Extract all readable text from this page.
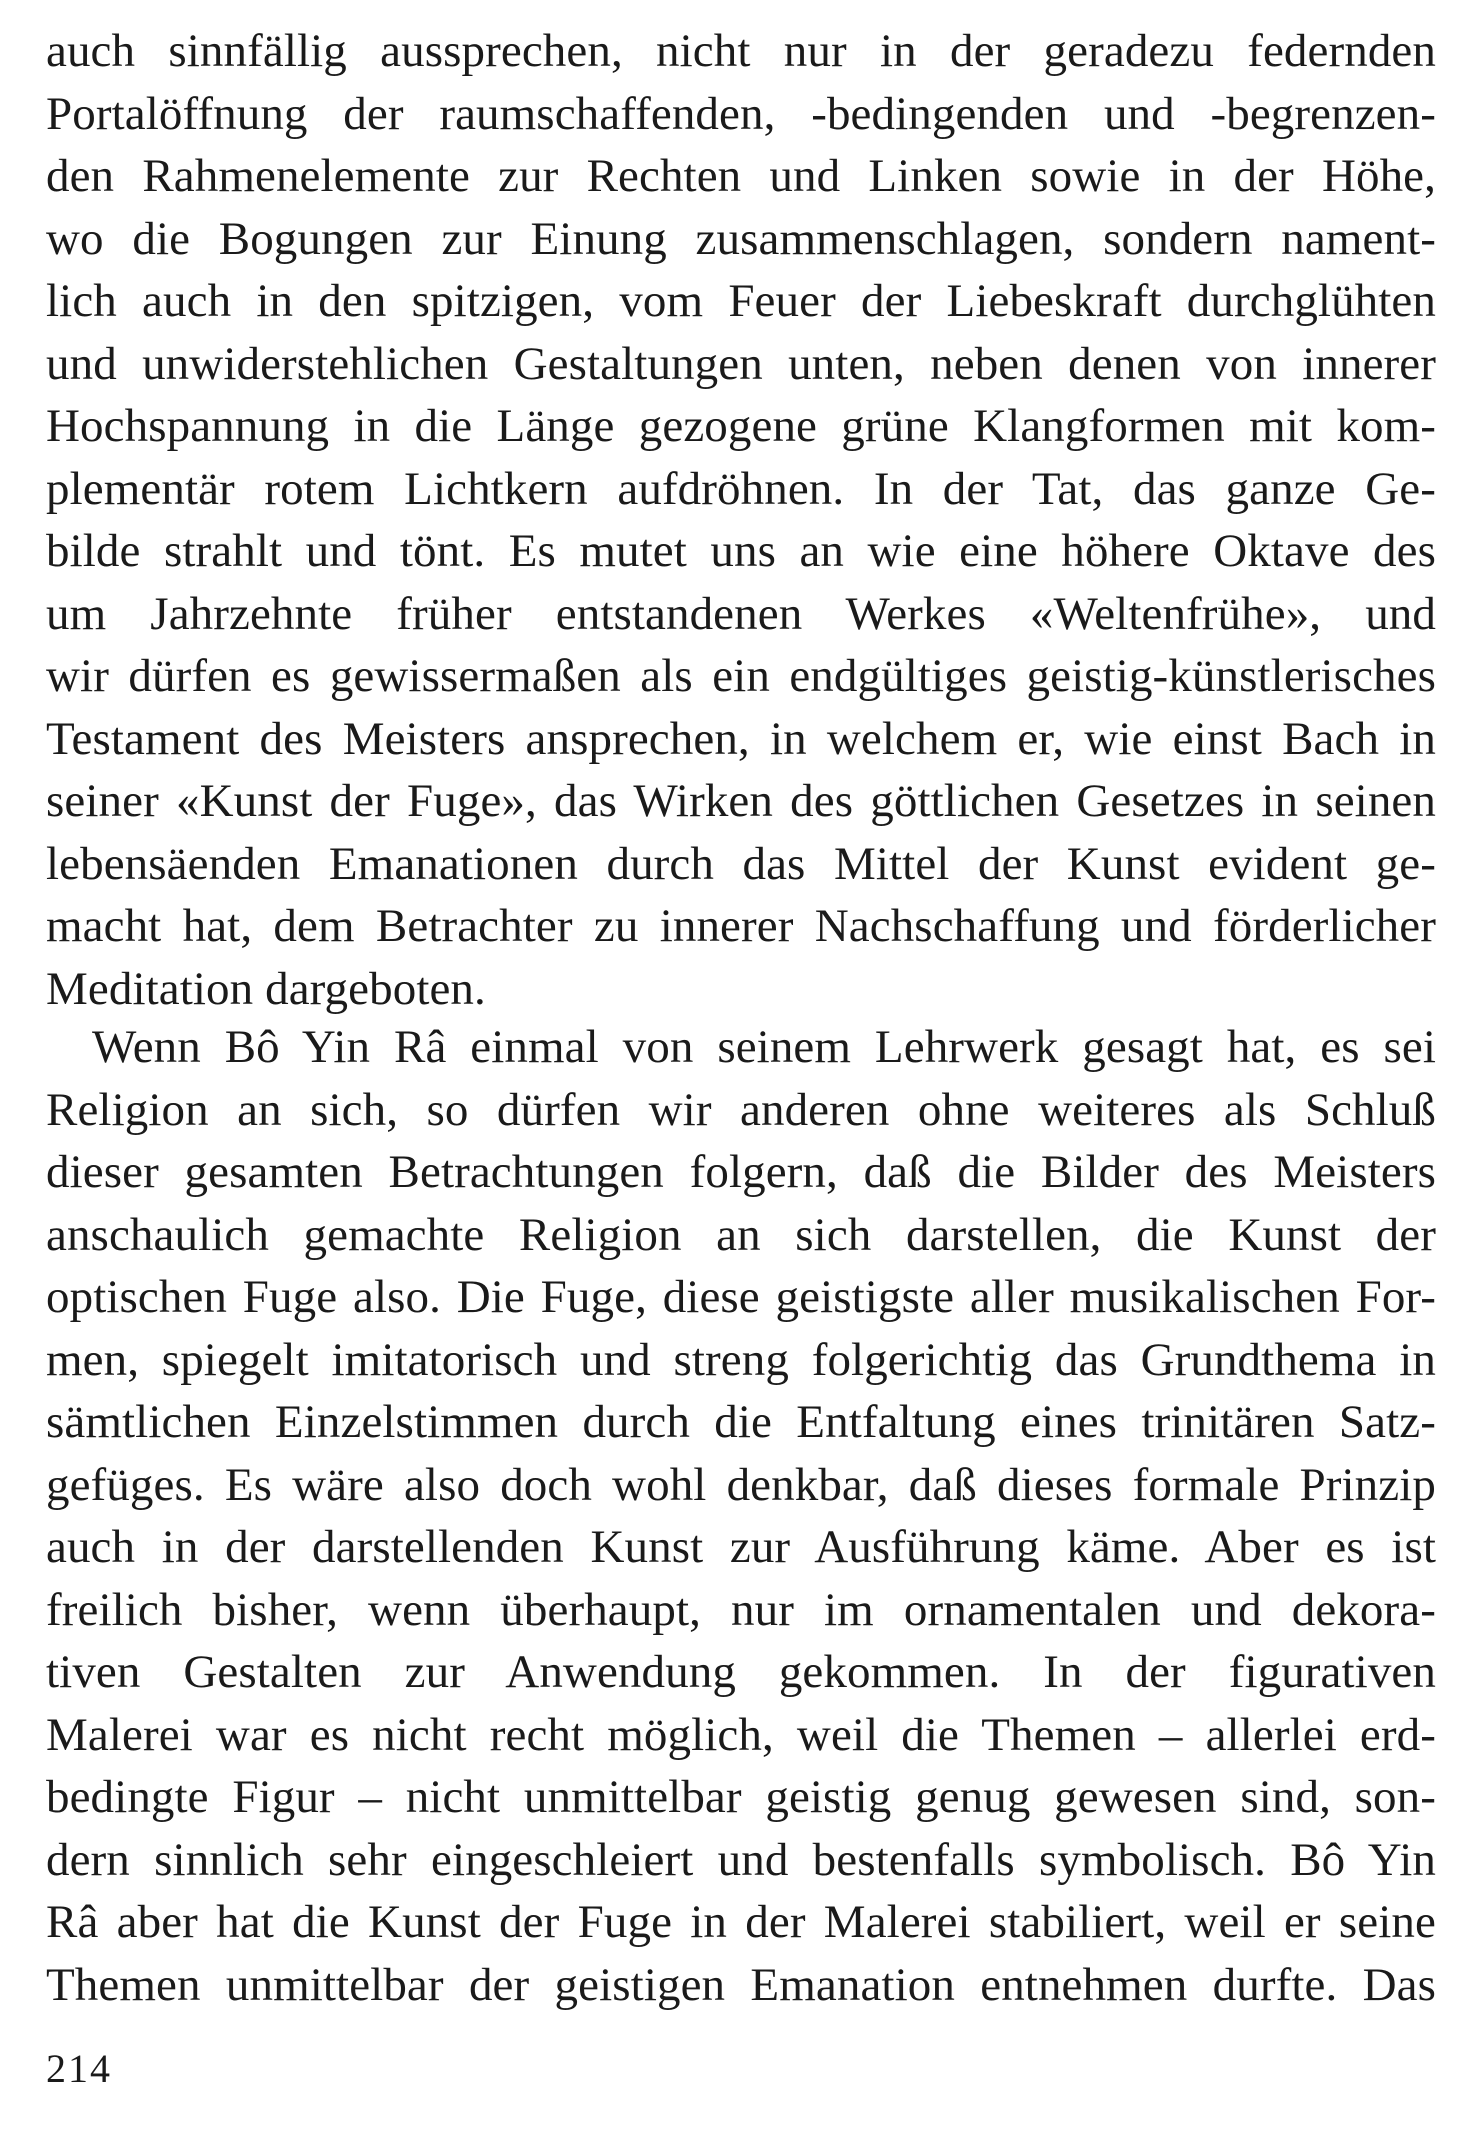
auch sinnfällig aussprechen, nicht nur in der geradezu federnden
Portalöffnung der raumschaffenden, -bedingenden und -begrenzen-
den Rahmenelemente zur Rechten und Linken sowie in der Höhe,
wo die Bogungen zur Einung zusammenschlagen, sondern nament-
lich auch in den spitzigen, vom Feuer der Liebeskraft durchglühten
und unwiderstehlichen Gestaltungen unten, neben denen von innerer
Hochspannung in die Länge gezogene grüne Klangformen mit kom-
plementär rotem Lichtkern aufdröhnen. In der Tat, das ganze Ge-
bilde strahlt und tönt. Es mutet uns an wie eine höhere Oktave des
um Jahrzehnte früher entstandenen Werkes «Weltenfrühe», und
wir dürfen es gewissermaßen als ein endgültiges geistig-künstlerisches
Testament des Meisters ansprechen, in welchem er, wie einst Bach in
seiner «Kunst der Fuge», das Wirken des göttlichen Gesetzes in seinen
lebensäenden Emanationen durch das Mittel der Kunst evident ge-
macht hat, dem Betrachter zu innerer Nachschaffung und förderlicher
Meditation dargeboten.
Wenn Bô Yin Râ einmal von seinem Lehrwerk gesagt hat, es sei
Religion an sich, so dürfen wir anderen ohne weiteres als Schluß
dieser gesamten Betrachtungen folgern, daß die Bilder des Meisters
anschaulich gemachte Religion an sich darstellen, die Kunst der
optischen Fuge also. Die Fuge, diese geistigste aller musikalischen For-
men, spiegelt imitatorisch und streng folgerichtig das Grundthema in
sämtlichen Einzelstimmen durch die Entfaltung eines trinitären Satz-
gefüges. Es wäre also doch wohl denkbar, daß dieses formale Prinzip
auch in der darstellenden Kunst zur Ausführung käme. Aber es ist
freilich bisher, wenn überhaupt, nur im ornamentalen und dekora-
tiven Gestalten zur Anwendung gekommen. In der figurativen
Malerei war es nicht recht möglich, weil die Themen – allerlei erd-
bedingte Figur – nicht unmittelbar geistig genug gewesen sind, son-
dern sinnlich sehr eingeschleiert und bestenfalls symbolisch. Bô Yin
Râ aber hat die Kunst der Fuge in der Malerei stabiliert, weil er seine
Themen unmittelbar der geistigen Emanation entnehmen durfte. Das
214
